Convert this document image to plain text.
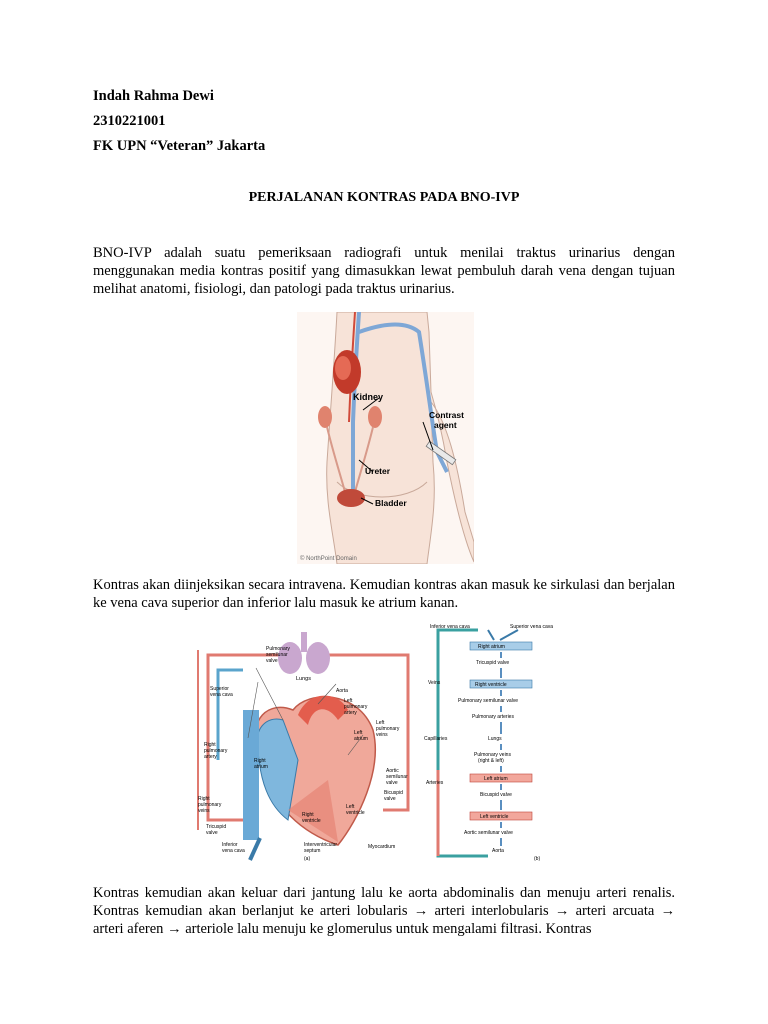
Indah Rahma Dewi
2310221001
FK UPN “Veteran” Jakarta
PERJALANAN KONTRAS PADA BNO-IVP
BNO-IVP adalah suatu pemeriksaan radiografi untuk menilai traktus urinarius dengan menggunakan media kontras positif yang dimasukkan lewat pembuluh darah vena dengan tujuan melihat anatomi, fisiologi, dan patologi pada traktus urinarius.
Kidney
Contrast
agent
Ureter
Bladder
© NorthPoint Domain
Kontras akan diinjeksikan secara intravena. Kemudian kontras akan masuk ke sirkulasi dan berjalan ke vena cava superior dan inferior lalu masuk ke atrium kanan.
Lungs
Pulmonary
semilunar
valve
Superior
vena cava
Aorta
Left
pulmonary
artery
Left
pulmonary
veins
Left
atrium
Right
pulmonary
artery
Right
atrium
Right
pulmonary
veins
Tricuspid
valve
Aortic
semilunar
valve
Bicuspid
valve
Left
ventricle
Right
ventricle
Inferior
vena cava
Interventricular
septum
Myocardium
(a)
Inferior vena cava	Superior vena cava
Right atrium
Tricuspid valve
Right ventricle
Pulmonary semilunar valve
Pulmonary arteries
Lungs
Pulmonary veins
(right & left)
Left atrium
Bicuspid valve
Left ventricle
Aortic semilunar valve
Aorta
Veins
Capillaries
Arteries
(b)
Kontras kemudian akan keluar dari jantung lalu ke aorta abdominalis dan menuju arteri renalis. Kontras kemudian akan berlanjut ke arteri lobularis → arteri interlobularis → arteri arcuata → arteri aferen → arteriole lalu menuju ke glomerulus untuk mengalami filtrasi. Kontras
